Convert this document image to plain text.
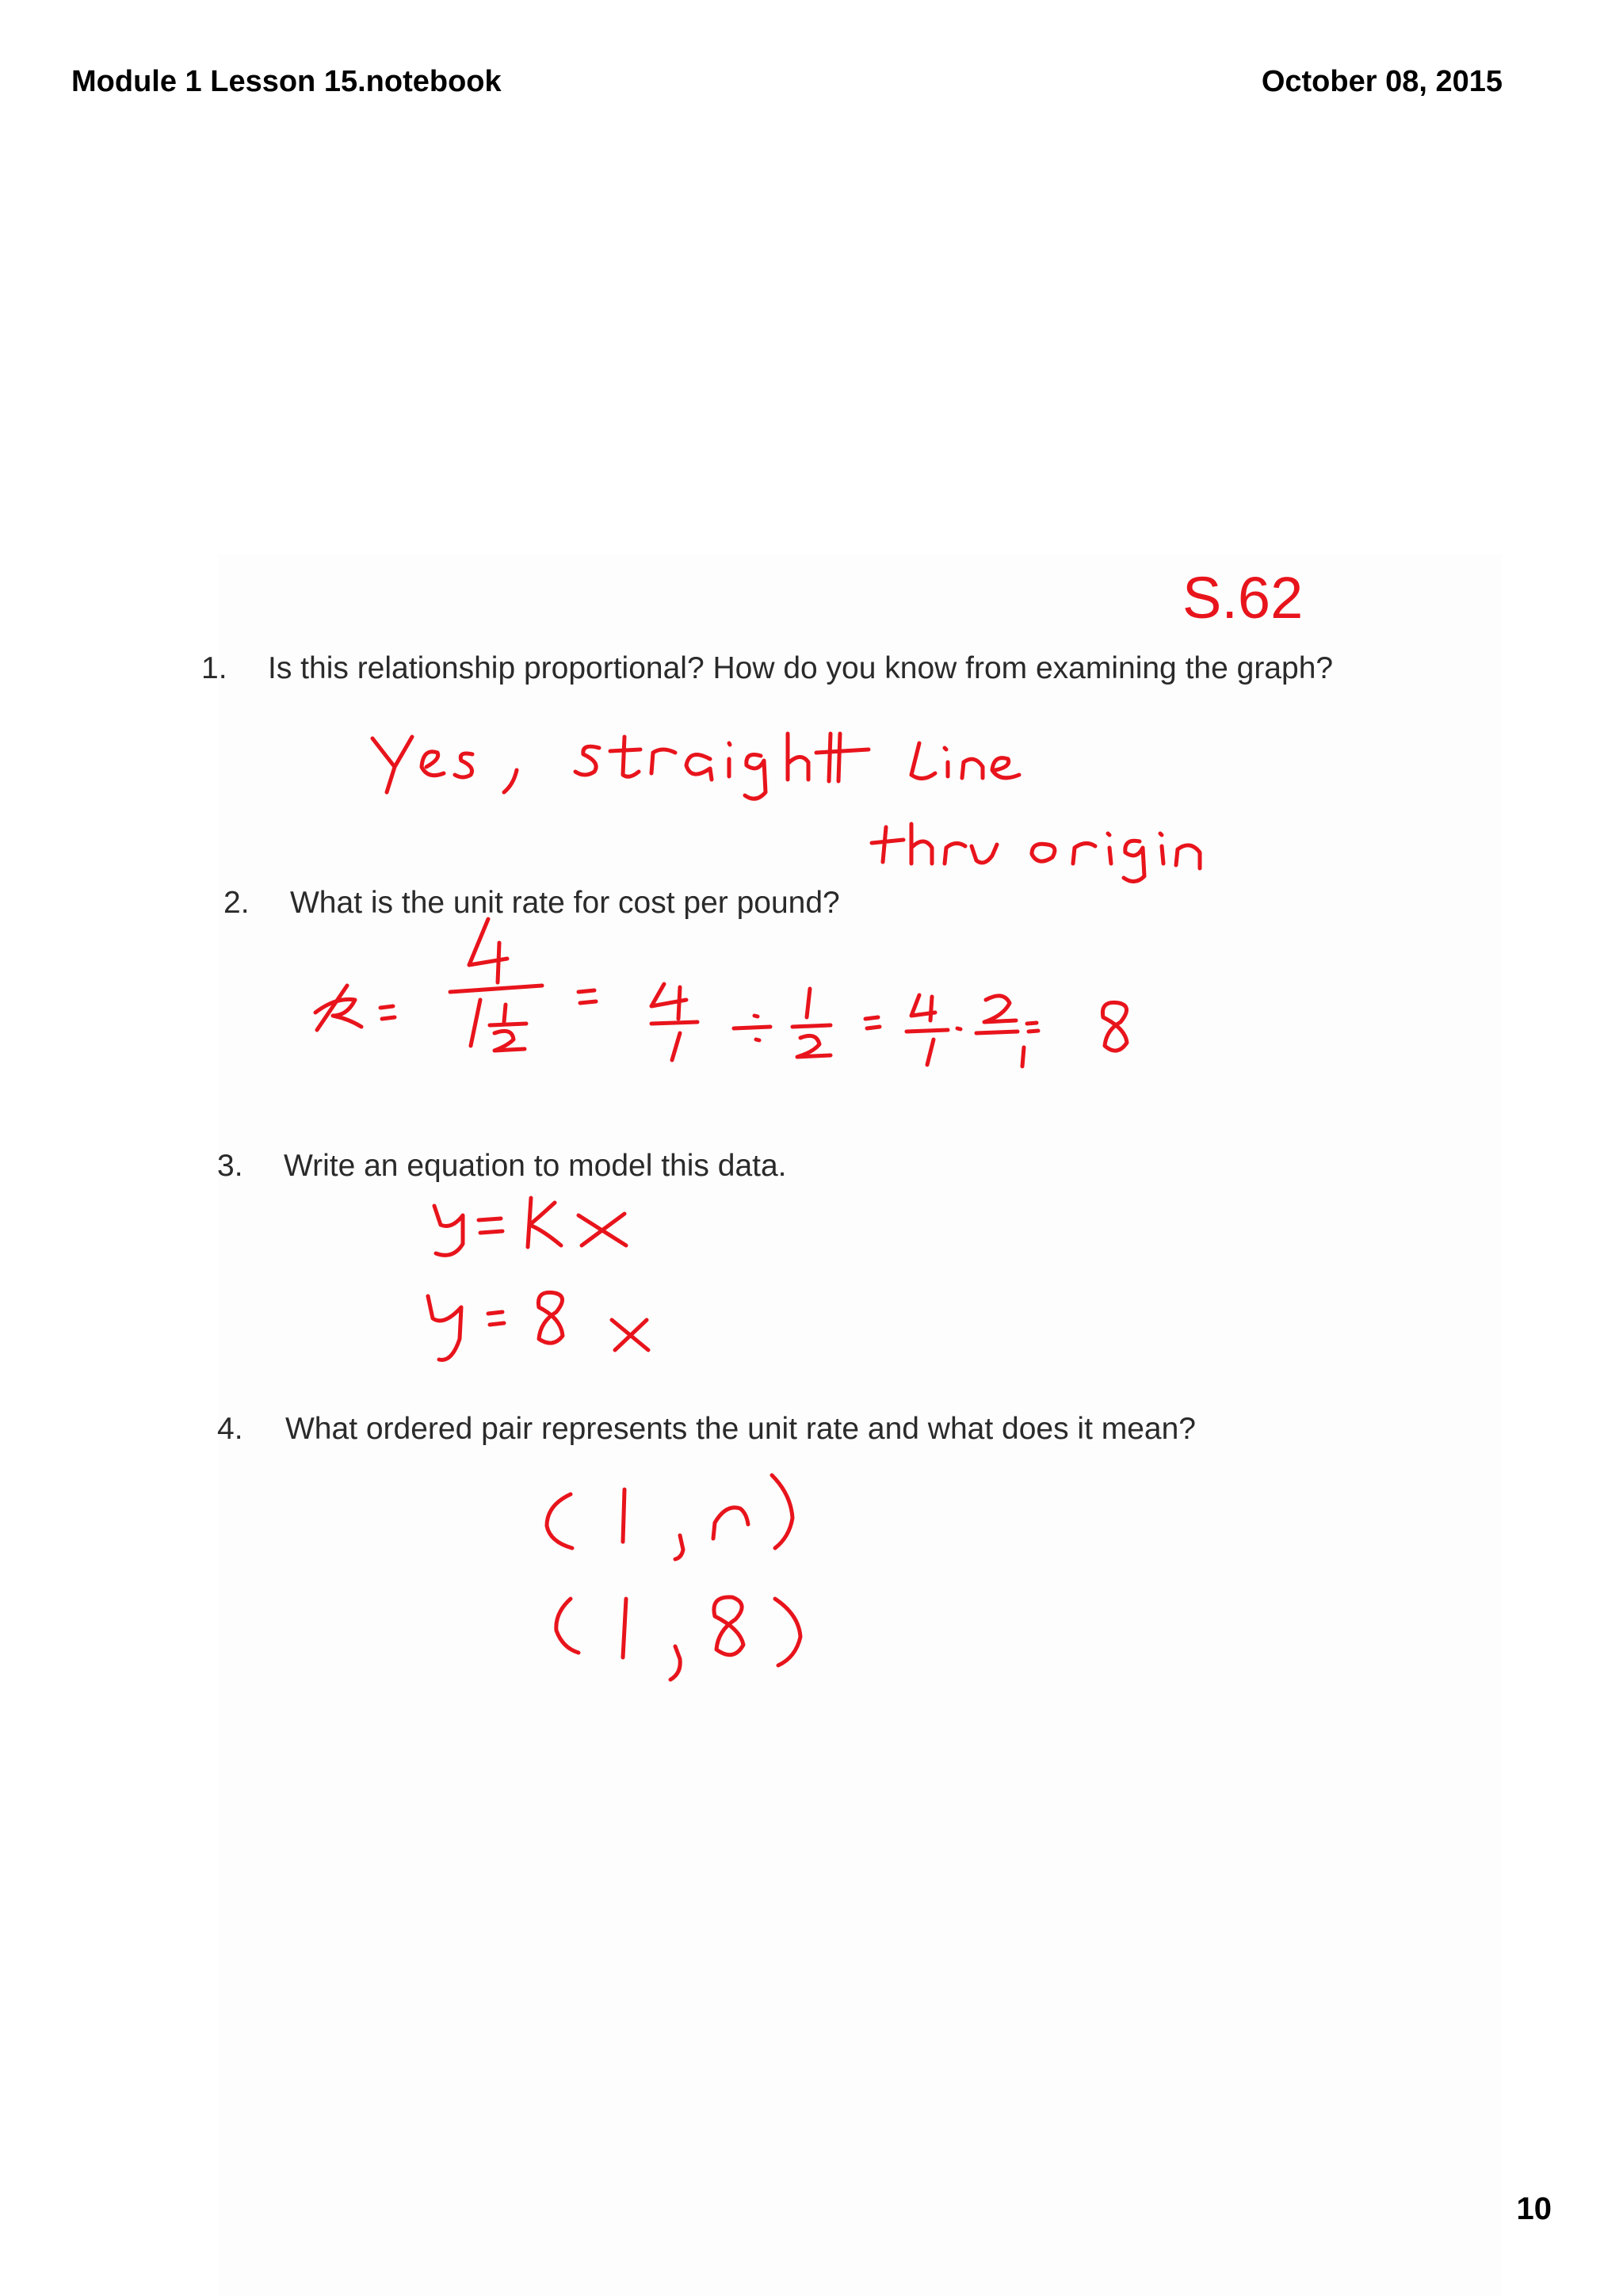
Module 1 Lesson 15.notebook	October 08, 2015
S.62
1. Is this relationship proportional? How do you know from examining the graph?
2. What is the unit rate for cost per pound?
3. Write an equation to model this data.
4. What ordered pair represents the unit rate and what does it mean?
10
